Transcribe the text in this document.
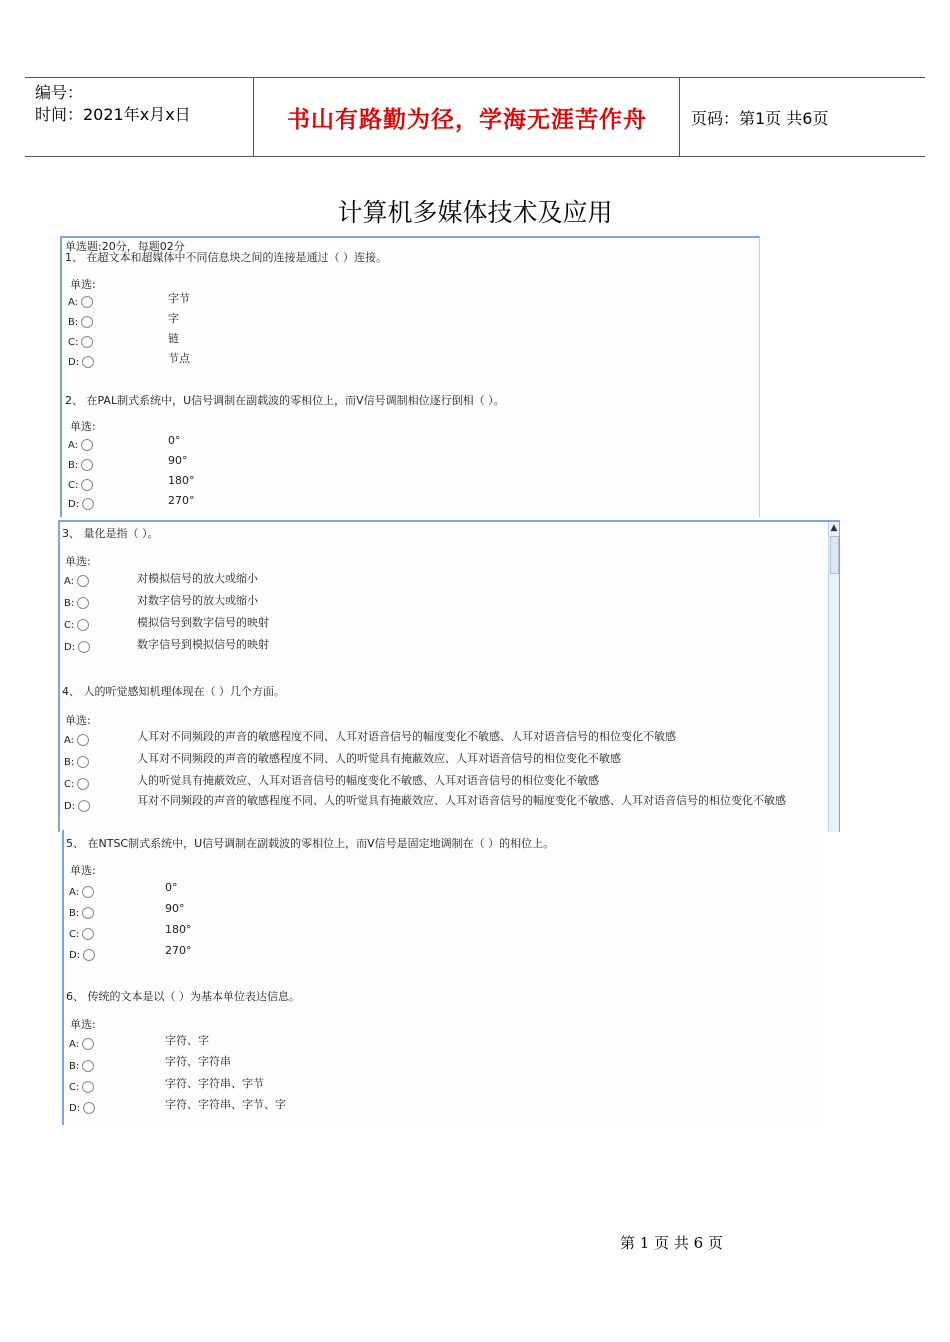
编号：
时间：2021年x月x日	书山有路勤为径，学海无涯苦作舟	页码：第1页 共6页
计算机多媒体技术及应用
单选题:20分，每题02分
1、 在超文本和超媒体中不同信息块之间的连接是通过（ ）连接。
单选:
A:	字节
B:	字
C:	链
D:	节点
2、 在PAL制式系统中，U信号调制在副载波的零相位上，而V信号调制相位逐行倒相（ ）。
单选:
A:	0°
B:	90°
C:	180°
D:	270°
3、 量化是指（ ）。
单选:
A:	对模拟信号的放大或缩小
B:	对数字信号的放大或缩小
C:	模拟信号到数字信号的映射
D:	数字信号到模拟信号的映射
4、 人的听觉感知机理体现在（ ）几个方面。
单选:
A:	人耳对不同频段的声音的敏感程度不同、人耳对语音信号的幅度变化不敏感、人耳对语音信号的相位变化不敏感
B:	人耳对不同频段的声音的敏感程度不同、人的听觉具有掩蔽效应、人耳对语音信号的相位变化不敏感
C:	人的听觉具有掩蔽效应、人耳对语音信号的幅度变化不敏感、人耳对语音信号的相位变化不敏感
D:	耳对不同频段的声音的敏感程度不同、人的听觉具有掩蔽效应、人耳对语音信号的幅度变化不敏感、人耳对语音信号的相位变化不敏感
▲
5、 在NTSC制式系统中，U信号调制在副载波的零相位上，而V信号是固定地调制在（ ）的相位上。
单选:
A:	0°
B:	90°
C:	180°
D:	270°
6、 传统的文本是以（ ）为基本单位表达信息。
单选:
A:	字符、字
B:	字符、字符串
C:	字符、字符串、字节
D:	字符、字符串、字节、字
第 1 页 共 6 页
